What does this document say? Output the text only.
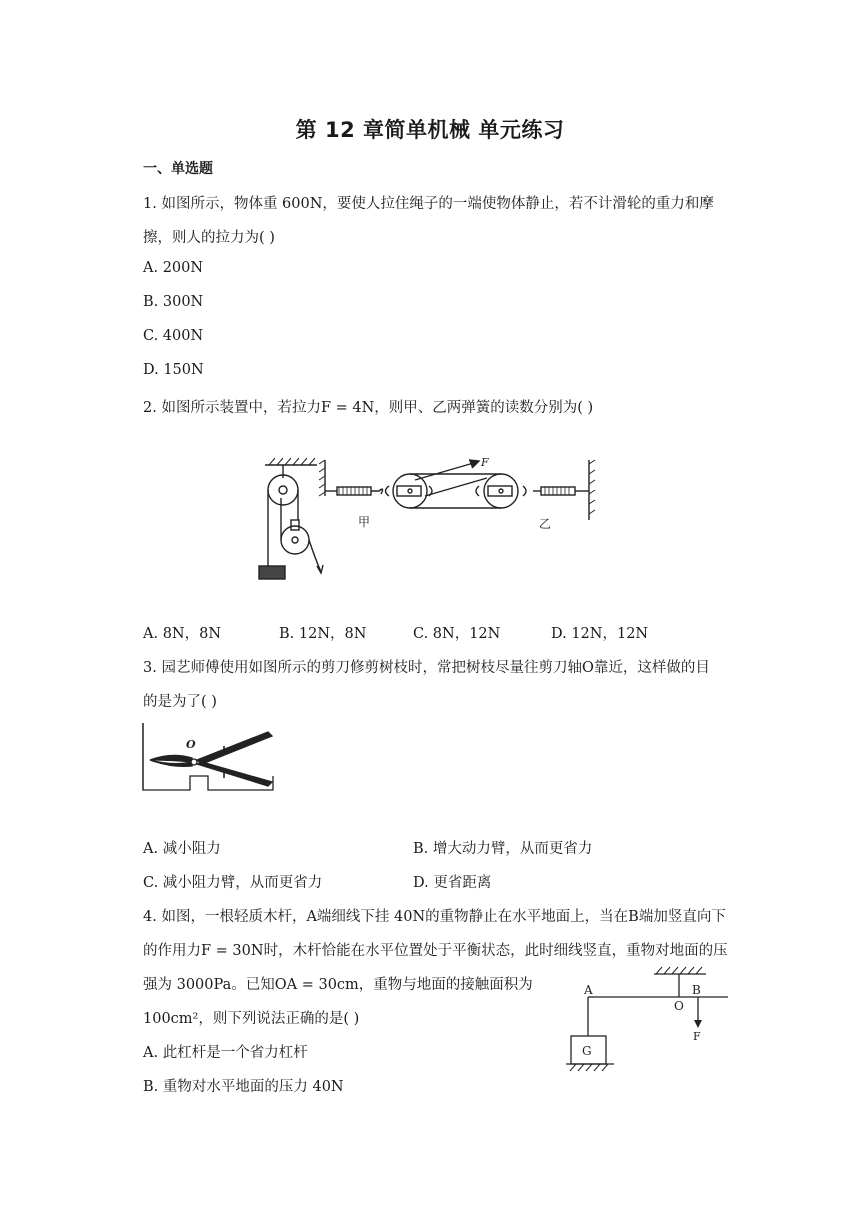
第 12 章简单机械 单元练习
一、单选题
1. 如图所示，物体重 600N，要使人拉住绳子的一端使物体静止，若不计滑轮的重力和摩
擦，则人的拉力为( )
A. 200N
B. 300N
C. 400N
D. 150N
2. 如图所示装置中，若拉力F = 4N，则甲、乙两弹簧的读数分别为( )
F
甲	乙
A. 8N，8N	B. 12N，8N	C. 8N，12N	D. 12N，12N
3. 园艺师傅使用如图所示的剪刀修剪树枝时，常把树枝尽量往剪刀轴O靠近，这样做的目
的是为了( )
O
A. 减小阻力	B. 增大动力臂，从而更省力
C. 减小阻力臂，从而更省力	D. 更省距离
4. 如图，一根轻质木杆，A端细线下挂 40N的重物静止在水平地面上，当在B端加竖直向下
的作用力F = 30N时，木杆恰能在水平位置处于平衡状态，此时细线竖直，重物对地面的压
强为 3000Pa。已知OA = 30cm，重物与地面的接触面积为
100cm²，则下列说法正确的是( )
A. 此杠杆是一个省力杠杆
B. 重物对水平地面的压力 40N
A
O
B
F
G
